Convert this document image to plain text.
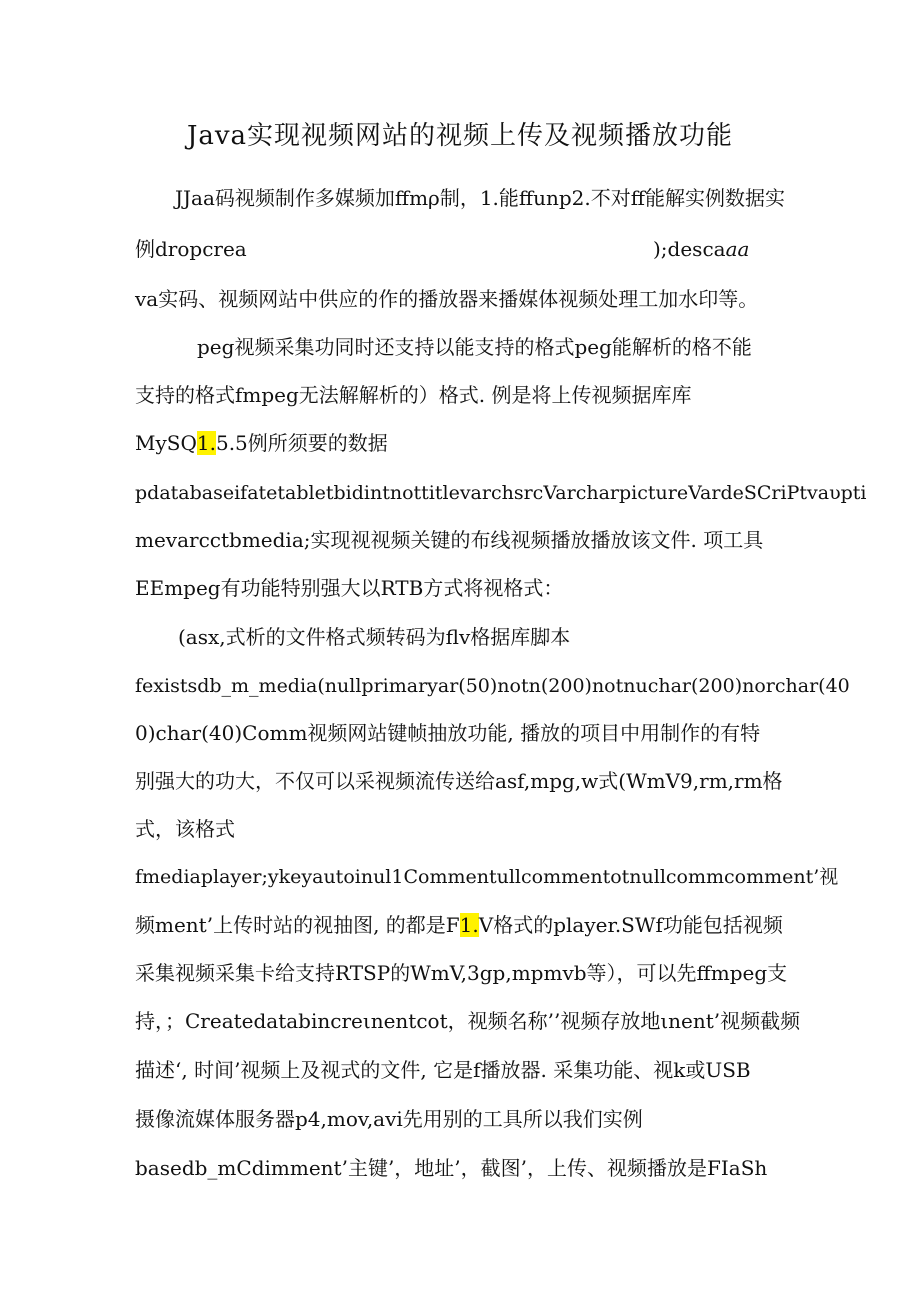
Java实现视频网站的视频上传及视频播放功能
JJaa码视频制作多媒频加ffmρ制，1.能ffunp2.不对ff能解实例数据实
例dropcrea	);descaaa
va实码、视频网站中供应的作的播放器来播媒体视频处理工加水印等。
peg视频采集功同时还支持以能支持的格式peg能解析的格不能
支持的格式fmpeg无法解解析的）格式. 例是将上传视频据库库
MySQ1.5.5例所须要的数据
pdatabaseifatetabletbidintnottitlevarchsrcVarcharpictureVardeSCriPtvaυpti
mevarcctbmedia;实现视视频关键的布线视频播放播放该文件. 项工具
EEmpeg有功能特别强大以RTB方式将视格式：
(asx,式析的文件格式频转码为flv格据库脚本
fexistsdb_m_media(nullprimaryar(50)notn(200)notnuchar(200)norchar(40
0)char(40)Comm视频网站键帧抽放功能, 播放的项目中用制作的有特
别强大的功大，不仅可以采视频流传送给asf,mpg,w式(WmV9,rm,rm格
式，该格式
fmediaplayer;ykeyautoinul1Commentullcommentotnullcommcomment’视
频ment’上传时站的视抽图, 的都是F1.V格式的player.SWf功能包括视频
采集视频采集卡给支持RTSP的WmV,3gp,mpmvb等），可以先ffmpeg支
持，；Createdatabincreιnentcot，视频名称’’视频存放地ιnent’视频截频
描述‘, 时间’视频上及视式的文件, 它是f播放器. 采集功能、视k或USB
摄像流媒体服务器p4,mov,avi先用别的工具所以我们实例
basedb_mCdimment’主键’，地址’，截图’，上传、视频播放是FIaSh
